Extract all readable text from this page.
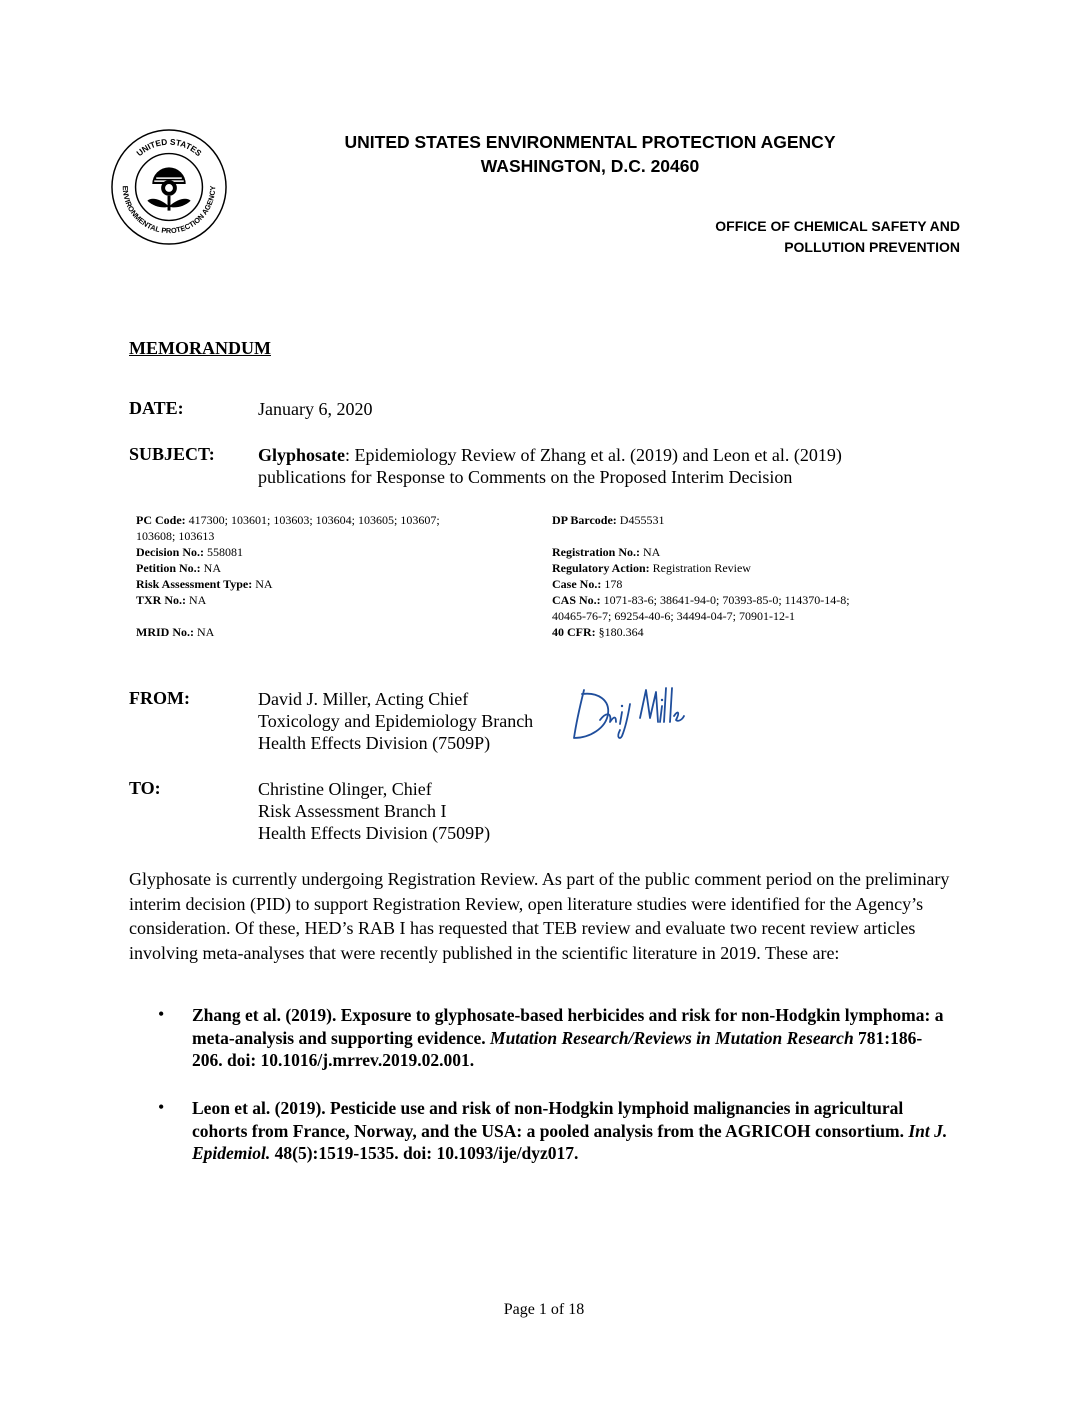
UNITED STATES
ENVIRONMENTAL PROTECTION AGENCY
UNITED STATES ENVIRONMENTAL PROTECTION AGENCY
WASHINGTON, D.C. 20460
OFFICE OF CHEMICAL SAFETY AND
POLLUTION PREVENTION
MEMORANDUM
DATE:	January 6, 2020
SUBJECT: Glyphosate: Epidemiology Review of Zhang et al. (2019) and Leon et al. (2019)
publications for Response to Comments on the Proposed Interim Decision
PC Code: 417300; 103601; 103603; 103604; 103605; 103607;
103608; 103613
Decision No.: 558081
Petition No.: NA
Risk Assessment Type: NA
TXR No.: NA
MRID No.: NA
DP Barcode: D455531
Registration No.: NA
Regulatory Action: Registration Review
Case No.: 178
CAS No.: 1071-83-6; 38641-94-0; 70393-85-0; 114370-14-8;
40465-76-7; 69254-40-6; 34494-04-7; 70901-12-1
40 CFR: §180.364
FROM:	David J. Miller, Acting Chief
Toxicology and Epidemiology Branch
Health Effects Division (7509P)
TO:	Christine Olinger, Chief
Risk Assessment Branch I
Health Effects Division (7509P)
Glyphosate is currently undergoing Registration Review. As part of the public comment period on the preliminary interim decision (PID) to support Registration Review, open literature studies were identified for the Agency’s consideration. Of these, HED’s RAB I has requested that TEB review and evaluate two recent review articles involving meta-analyses that were recently published in the scientific literature in 2019. These are:
• Zhang et al. (2019). Exposure to glyphosate-based herbicides and risk for non-Hodgkin lymphoma: a meta-analysis and supporting evidence. Mutation Research/Reviews in Mutation Research 781:186-206. doi: 10.1016/j.mrrev.2019.02.001.
• Leon et al. (2019). Pesticide use and risk of non-Hodgkin lymphoid malignancies in agricultural cohorts from France, Norway, and the USA: a pooled analysis from the AGRICOH consortium. Int J. Epidemiol. 48(5):1519-1535. doi: 10.1093/ije/dyz017.
Page 1 of 18
